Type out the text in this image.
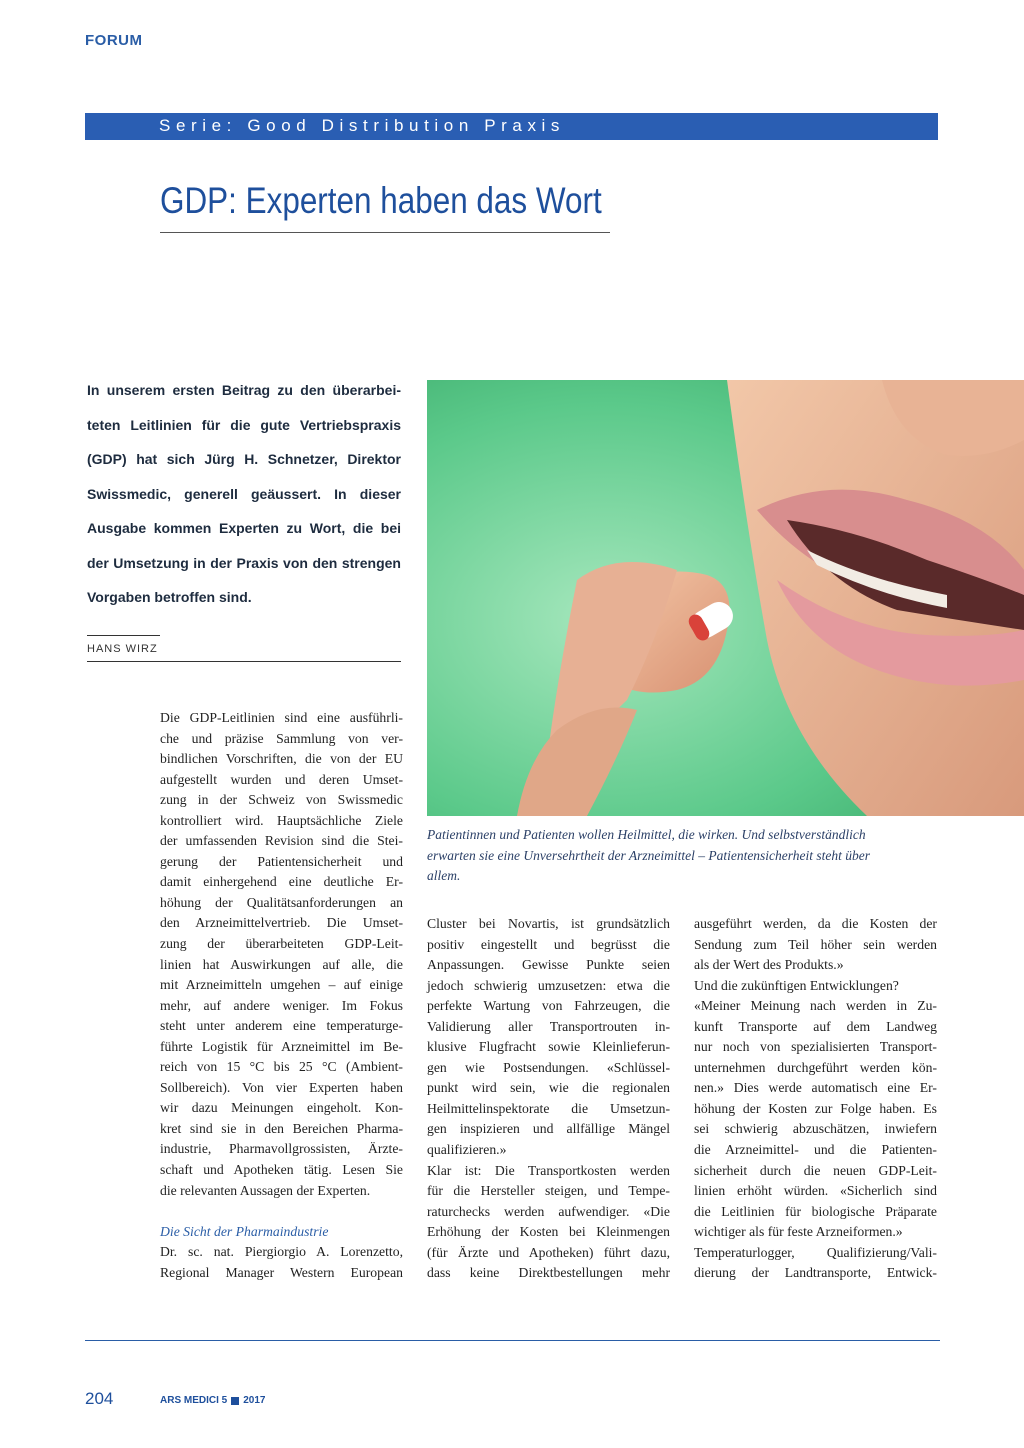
FORUM
Serie: Good Distribution Praxis
GDP: Experten haben das Wort
In unserem ersten Beitrag zu den überarbei-
teten Leitlinien für die gute Vertriebspraxis
(GDP) hat sich Jürg H. Schnetzer, Direktor
Swissmedic, generell geäussert. In dieser
Ausgabe kommen Experten zu Wort, die bei
der Umsetzung in der Praxis von den strengen
Vorgaben betroffen sind.
HANS WIRZ
Patientinnen und Patienten wollen Heilmittel, die wirken. Und selbstverständlich
erwarten sie eine Unversehrtheit der Arzneimittel – Patientensicherheit steht über
allem.
Die GDP-Leitlinien sind eine ausführli-
che und präzise Sammlung von ver-
bindlichen Vorschriften, die von der EU
aufgestellt wurden und deren Umset-
zung in der Schweiz von Swissmedic
kontrolliert wird. Hauptsächliche Ziele
der umfassenden Revision sind die Stei-
gerung der Patientensicherheit und
damit einhergehend eine deutliche Er-
höhung der Qualitätsanforderungen an
den Arzneimittelvertrieb. Die Umset-
zung der überarbeiteten GDP-Leit-
linien hat Auswirkungen auf alle, die
mit Arzneimitteln umgehen – auf einige
mehr, auf andere weniger. Im Fokus
steht unter anderem eine temperaturge-
führte Logistik für Arzneimittel im Be-
reich von 15 °C bis 25 °C (Ambient-
Sollbereich). Von vier Experten haben
wir dazu Meinungen eingeholt. Kon-
kret sind sie in den Bereichen Pharma-
industrie, Pharmavollgrossisten, Ärzte-
schaft und Apotheken tätig. Lesen Sie
die relevanten Aussagen der Experten.
Die Sicht der Pharmaindustrie
Dr. sc. nat. Piergiorgio A. Lorenzetto,
Regional Manager Western European
Cluster bei Novartis, ist grundsätzlich
positiv eingestellt und begrüsst die
Anpassungen. Gewisse Punkte seien
jedoch schwierig umzusetzen: etwa die
perfekte Wartung von Fahrzeugen, die
Validierung aller Transportrouten in-
klusive Flugfracht sowie Kleinlieferun-
gen wie Postsendungen. «Schlüssel-
punkt wird sein, wie die regionalen
Heilmittelinspektorate die Umsetzun-
gen inspizieren und allfällige Mängel
qualifizieren.»
Klar ist: Die Transportkosten werden
für die Hersteller steigen, und Tempe-
raturchecks werden aufwendiger. «Die
Erhöhung der Kosten bei Kleinmengen
(für Ärzte und Apotheken) führt dazu,
dass keine Direktbestellungen mehr
ausgeführt werden, da die Kosten der
Sendung zum Teil höher sein werden
als der Wert des Produkts.»
Und die zukünftigen Entwicklungen?
«Meiner Meinung nach werden in Zu-
kunft Transporte auf dem Landweg
nur noch von spezialisierten Transport-
unternehmen durchgeführt werden kön-
nen.» Dies werde automatisch eine Er-
höhung der Kosten zur Folge haben. Es
sei schwierig abzuschätzen, inwiefern
die Arzneimittel- und die Patienten-
sicherheit durch die neuen GDP-Leit-
linien erhöht würden. «Sicherlich sind
die Leitlinien für biologische Präparate
wichtiger als für feste Arzneiformen.»
Temperaturlogger, Qualifizierung/Vali-
dierung der Landtransporte, Entwick-
204	ARS MEDICI 5 2017
